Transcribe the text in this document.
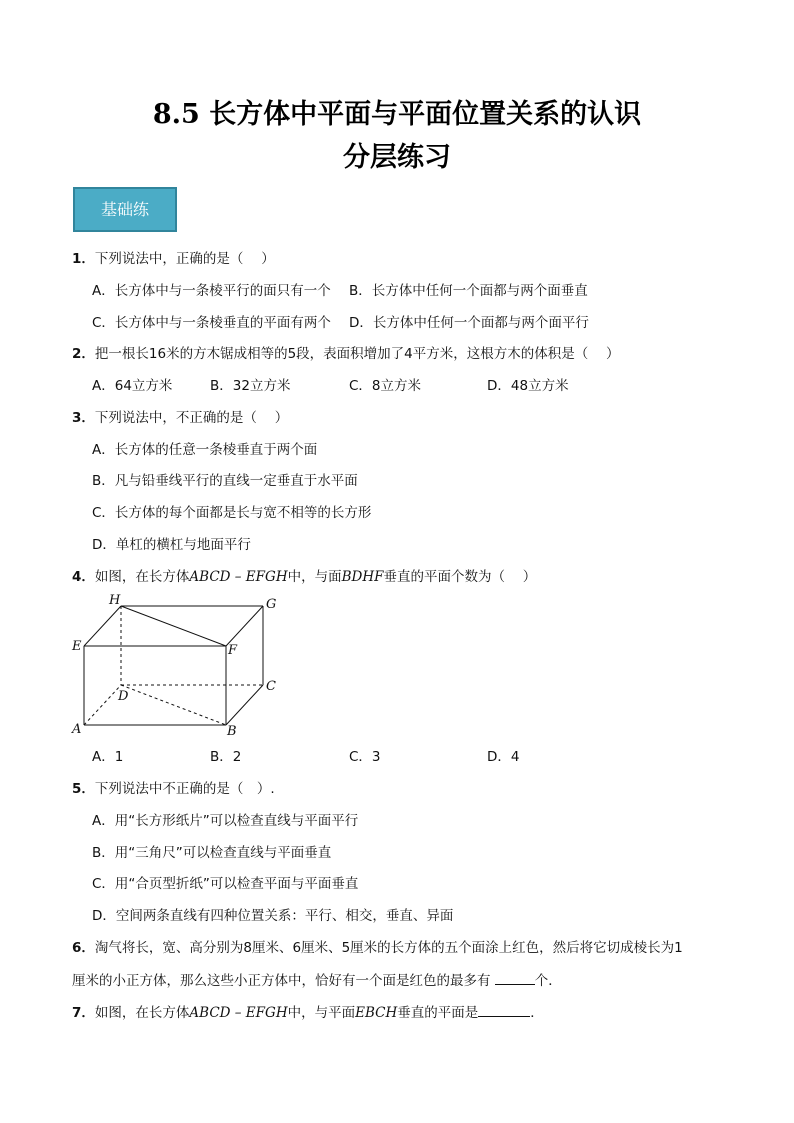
8.5 长方体中平面与平面位置关系的认识
分层练习
基础练
1．下列说法中，正确的是（　 ）
A．长方体中与一条棱平行的面只有一个 B．长方体中任何一个面都与两个面垂直
C．长方体中与一条棱垂直的平面有两个 D．长方体中任何一个面都与两个面平行
2．把一根长16米的方木锯成相等的5段，表面积增加了4平方米，这根方木的体积是（　 ）
A．64立方米	B．32立方米	C．8立方米	D．48立方米
3．下列说法中，不正确的是（　 ）
A．长方体的任意一条棱垂直于两个面
B．凡与铅垂线平行的直线一定垂直于水平面
C．长方体的每个面都是长与宽不相等的长方形
D．单杠的横杠与地面平行
4．如图，在长方体ABCD – EFGH中，与面BDHF垂直的平面个数为（　 ）
H	G
E	F
D
C
A	B
A．1	B．2	C．3	D．4
5．下列说法中不正确的是（　）.
A．用“长方形纸片”可以检查直线与平面平行
B．用“三角尺”可以检查直线与平面垂直
C．用“合页型折纸”可以检查平面与平面垂直
D．空间两条直线有四种位置关系：平行、相交，垂直、异面
6．淘气将长，宽、高分别为8厘米、6厘米、5厘米的长方体的五个面涂上红色，然后将它切成棱长为1
厘米的小正方体，那么这些小正方体中，恰好有一个面是红色的最多有	个．
7．如图，在长方体ABCD – EFGH中，与平面EBCH垂直的平面是	．
